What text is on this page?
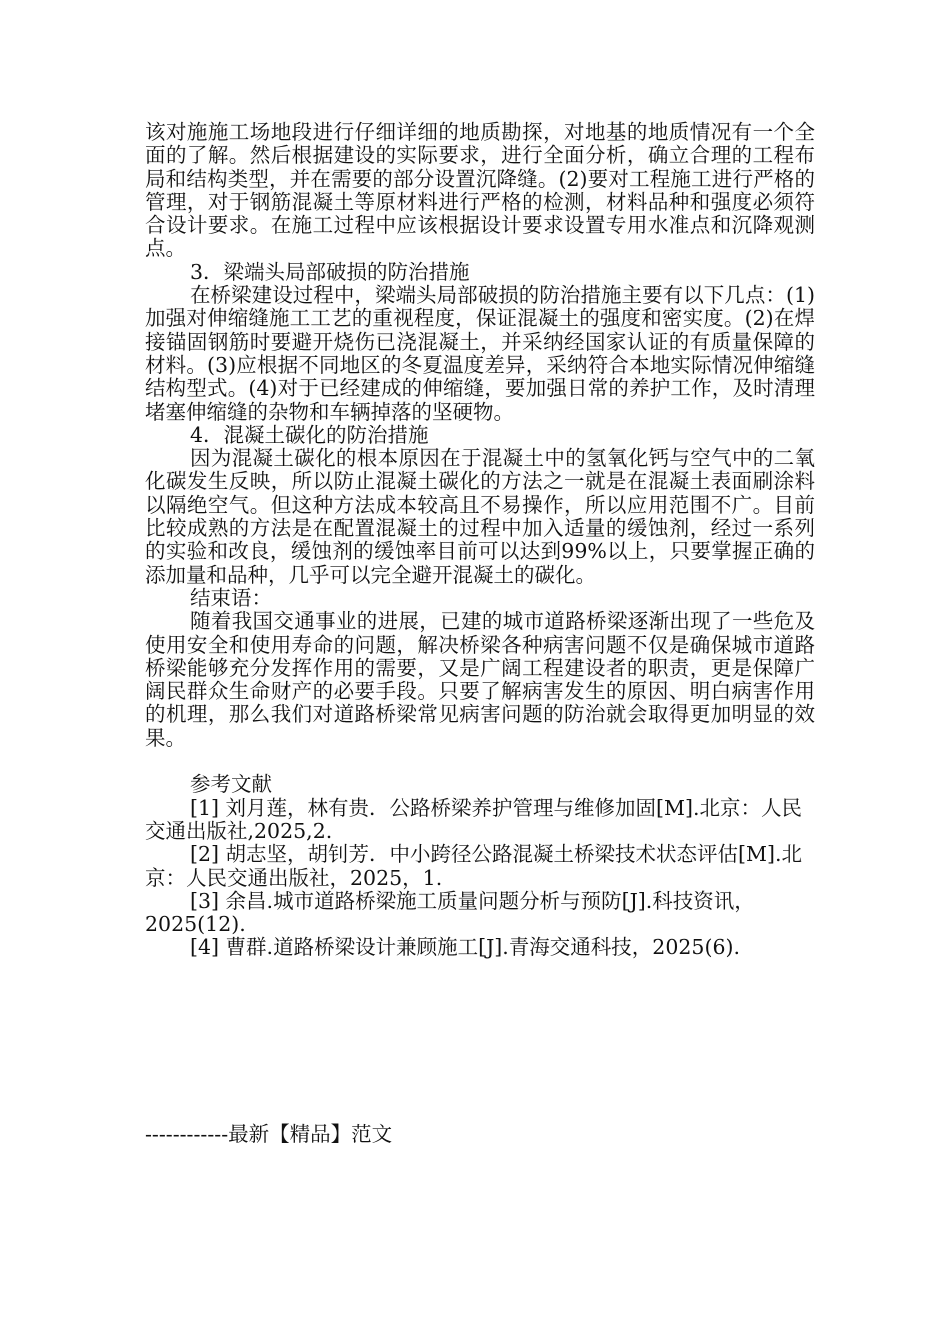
该对施施工场地段进行仔细详细的地质勘探，对地基的地质情况有一个全面的了解。然后根据建设的实际要求，进行全面分析，确立合理的工程布局和结构类型，并在需要的部分设置沉降缝。(2)要对工程施工进行严格的管理，对于钢筋混凝土等原材料进行严格的检测，材料品种和强度必须符合设计要求。在施工过程中应该根据设计要求设置专用水准点和沉降观测点。

3．梁端头局部破损的防治措施

在桥梁建设过程中，梁端头局部破损的防治措施主要有以下几点：(1)加强对伸缩缝施工工艺的重视程度，保证混凝土的强度和密实度。(2)在焊接锚固钢筋时要避开烧伤已浇混凝土，并采纳经国家认证的有质量保障的材料。(3)应根据不同地区的冬夏温度差异，采纳符合本地实际情况伸缩缝结构型式。(4)对于已经建成的伸缩缝，要加强日常的养护工作，及时清理堵塞伸缩缝的杂物和车辆掉落的坚硬物。

4．混凝土碳化的防治措施

因为混凝土碳化的根本原因在于混凝土中的氢氧化钙与空气中的二氧化碳发生反映，所以防止混凝土碳化的方法之一就是在混凝土表面刷涂料以隔绝空气。但这种方法成本较高且不易操作，所以应用范围不广。目前比较成熟的方法是在配置混凝土的过程中加入适量的缓蚀剂，经过一系列的实验和改良，缓蚀剂的缓蚀率目前可以达到99%以上，只要掌握正确的添加量和品种，几乎可以完全避开混凝土的碳化。

结束语：

随着我国交通事业的进展，已建的城市道路桥梁逐渐出现了一些危及使用安全和使用寿命的问题，解决桥梁各种病害问题不仅是确保城市道路桥梁能够充分发挥作用的需要，又是广阔工程建设者的职责，更是保障广阔民群众生命财产的必要手段。只要了解病害发生的原因、明白病害作用的机理，那么我们对道路桥梁常见病害问题的防治就会取得更加明显的效果。

参考文献

[1] 刘月莲，林有贵．公路桥梁养护管理与维修加固[M].北京：人民交通出版社,2025,2.

[2] 胡志坚，胡钊芳．中小跨径公路混凝土桥梁技术状态评估[M].北京：人民交通出版社，2025，1.

[3] 余昌.城市道路桥梁施工质量问题分析与预防[J].科技资讯，2025(12).

[4] 曹群.道路桥梁设计兼顾施工[J].青海交通科技，2025(6).

------------最新【精品】范文
